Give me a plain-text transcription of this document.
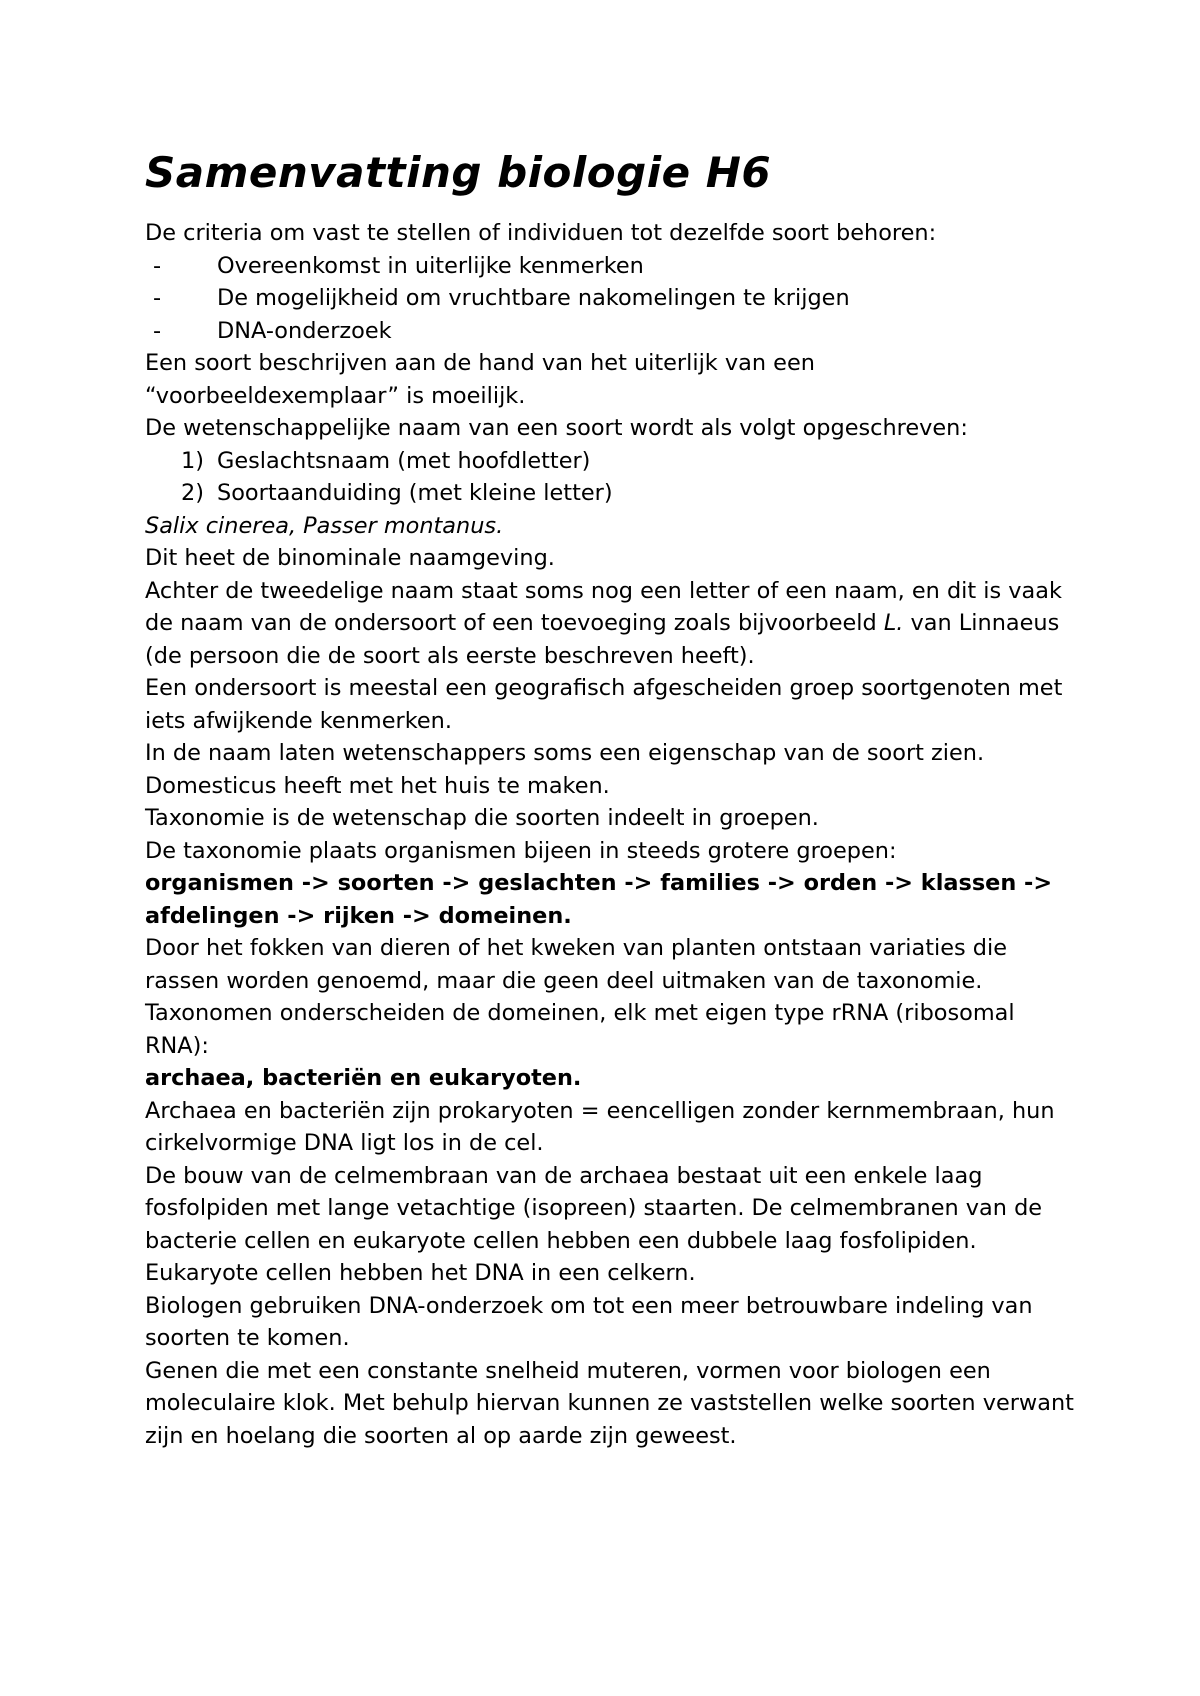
Samenvatting biologie H6

De criteria om vast te stellen of individuen tot dezelfde soort behoren:

- Overeenkomst in uiterlijke kenmerken

- De mogelijkheid om vruchtbare nakomelingen te krijgen

- DNA-onderzoek

Een soort beschrijven aan de hand van het uiterlijk van een “voorbeeldexemplaar” is moeilijk.

De wetenschappelijke naam van een soort wordt als volgt opgeschreven:

1) Geslachtsnaam (met hoofdletter)

2) Soortaanduiding (met kleine letter)

Salix cinerea, Passer montanus.

Dit heet de binominale naamgeving.

Achter de tweedelige naam staat soms nog een letter of een naam, en dit is vaak de naam van de ondersoort of een toevoeging zoals bijvoorbeeld L. van Linnaeus (de persoon die de soort als eerste beschreven heeft).

Een ondersoort is meestal een geografisch afgescheiden groep soortgenoten met iets afwijkende kenmerken.

In de naam laten wetenschappers soms een eigenschap van de soort zien.

Domesticus heeft met het huis te maken.

Taxonomie is de wetenschap die soorten indeelt in groepen.

De taxonomie plaats organismen bijeen in steeds grotere groepen:

organismen -> soorten -> geslachten -> families -> orden -> klassen -> afdelingen -> rijken -> domeinen.

Door het fokken van dieren of het kweken van planten ontstaan variaties die rassen worden genoemd, maar die geen deel uitmaken van de taxonomie.

Taxonomen onderscheiden de domeinen, elk met eigen type rRNA (ribosomal RNA):

archaea, bacteriën en eukaryoten.

Archaea en bacteriën zijn prokaryoten = eencelligen zonder kernmembraan, hun cirkelvormige DNA ligt los in de cel.

De bouw van de celmembraan van de archaea bestaat uit een enkele laag fosfolpiden met lange vetachtige (isopreen) staarten. De celmembranen van de bacterie cellen en eukaryote cellen hebben een dubbele laag fosfolipiden.

Eukaryote cellen hebben het DNA in een celkern.

Biologen gebruiken DNA-onderzoek om tot een meer betrouwbare indeling van soorten te komen.

Genen die met een constante snelheid muteren, vormen voor biologen een moleculaire klok. Met behulp hiervan kunnen ze vaststellen welke soorten verwant zijn en hoelang die soorten al op aarde zijn geweest.
